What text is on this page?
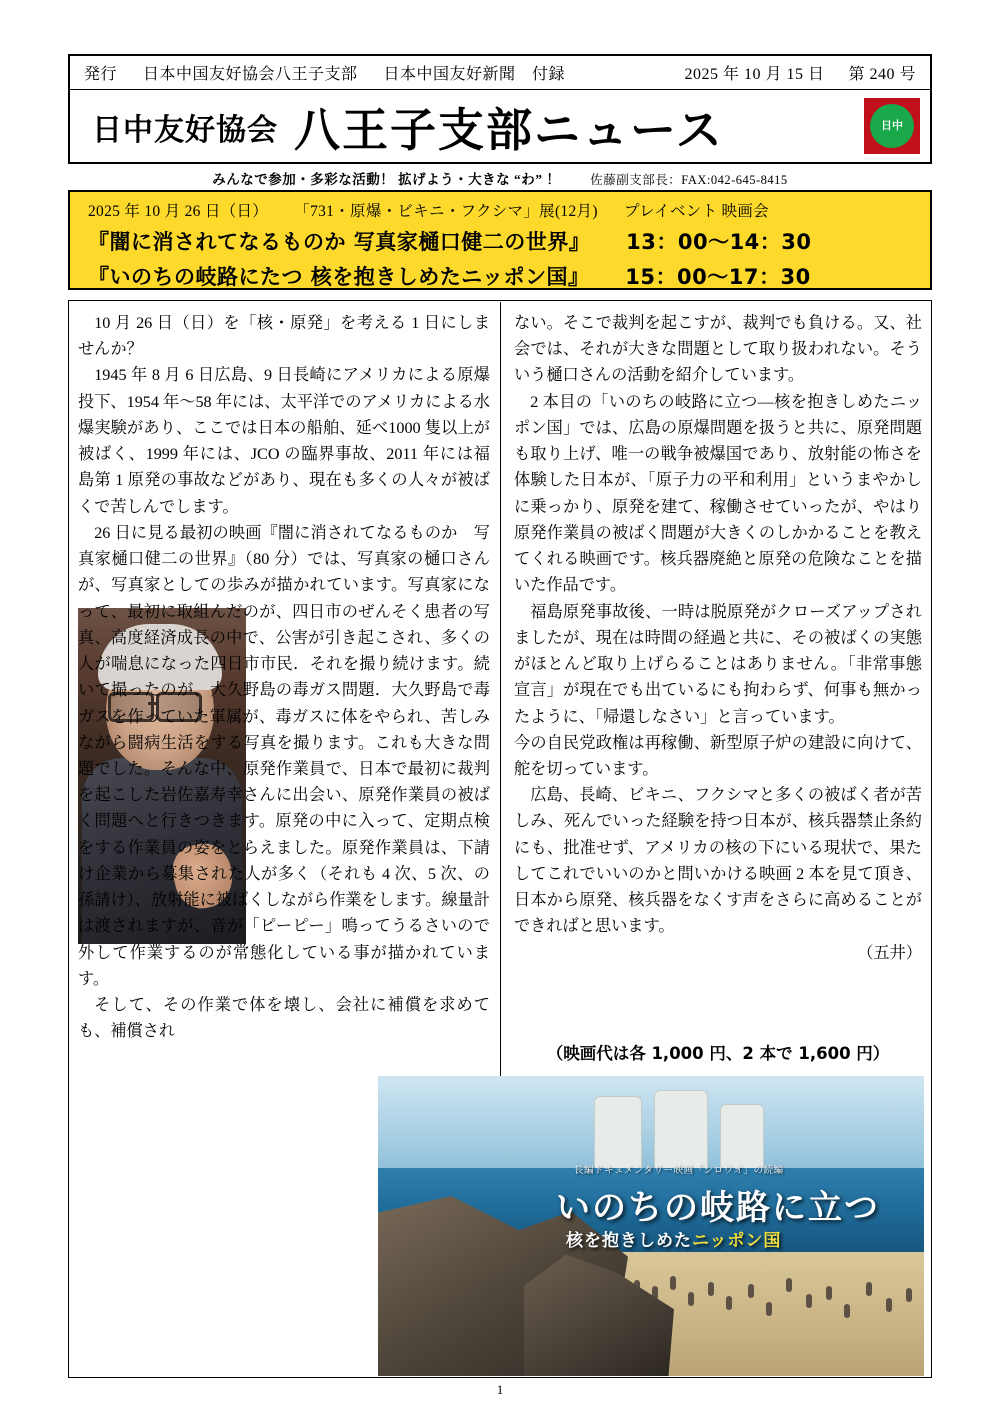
発行 日本中国友好協会八王子支部 日本中国友好新聞　付録	2025 年 10 月 15 日 第 240 号
日中友好協会 八王子支部ニュース	日中
みんなで参加・多彩な活動！ 拡げよう・大きな “わ” ！ 佐藤副支部長：FAX:042-645-8415
2025 年 10 月 26 日（日） 「731・原爆・ビキニ・フクシマ」展(12月) プレイベント 映画会
『闇に消されてなるものか 写真家樋口健二の世界』 13：00〜14：30
『いのちの岐路にたつ 核を抱きしめたニッポン国』 15：00〜17：30

10 月 26 日（日）を「核・原発」を考える 1 日にしませんか？

1945 年 8 月 6 日広島、9 日長崎にアメリカによる原爆投下、1954 年〜58 年には、太平洋でのアメリカによる水爆実験があり、ここでは日本の船舶、延べ1000 隻以上が被ばく、1999 年には、JCO の臨界事故、2011 年には福島第 1 原発の事故などがあり、現在も多くの人々が被ばくで苦しんでします。

26 日に見る最初の映画『闇に消されてなるものか　写真家樋口健二の世界』（80 分）では、写真家の樋口さんが、写真家としての歩みが描かれています。写真家になって、最初に取組んだのが、四日市のぜんそく患者の写真、高度経済成長の中で、公害が引き起こされ、多くの人が喘息になった四日市市民．それを撮り続けます。続いて撮ったのが、大久野島の毒ガス問題．大久野島で毒ガスを作っていた軍属が、毒ガスに体をやられ、苦しみながら闘病生活をする写真を撮ります。これも大きな問題でした。そんな中、原発作業員で、日本で最初に裁判を起こした岩佐嘉寿幸さんに出会い、原発作業員の被ばく問題へと行きつきます。原発の中に入って、定期点検をする作業員の姿をとらえました。原発作業員は、下請け企業から募集された人が多く（それも 4 次、5 次、の孫請け）、放射能に被ばくしながら作業をします。線量計は渡されますが、音が「ピーピー」鳴ってうるさいので外して作業するのが常態化している事が描かれています。

そして、その作業で体を壊し、会社に補償を求めても、補償され

ない。そこで裁判を起こすが、裁判でも負ける。又、社会では、それが大きな問題として取り扱われない。そういう樋口さんの活動を紹介しています。

2 本目の「いのちの岐路に立つ—核を抱きしめたニッポン国」では、広島の原爆問題を扱うと共に、原発問題も取り上げ、唯一の戦争被爆国であり、放射能の怖さを体験した日本が、「原子力の平和利用」というまやかしに乗っかり、原発を建て、稼働させていったが、やはり原発作業員の被ばく問題が大きくのしかかることを教えてくれる映画です。核兵器廃絶と原発の危険なことを描いた作品です。

福島原発事故後、一時は脱原発がクローズアップされましたが、現在は時間の経過と共に、その被ばくの実態がほとんど取り上げらることはありません。「非常事態宣言」が現在でも出ているにも拘わらず、何事も無かったように、「帰還しなさい」と言っています。

今の自民党政権は再稼働、新型原子炉の建設に向けて、舵を切っています。

広島、長崎、ビキニ、フクシマと多くの被ばく者が苦しみ、死んでいった経験を持つ日本が、核兵器禁止条約にも、批准せず、アメリカの核の下にいる現状で、果たしてこれでいいのかと問いかける映画 2 本を見て頂き、日本から原発、核兵器をなくす声をさらに高めることができればと思います。

（五井）

（映画代は各 1,000 円、2 本で 1,600 円）
長編ドキュメンタリー映画「シロウオ」の続編
いのちの岐路に立つ
核を抱きしめたニッポン国
1
